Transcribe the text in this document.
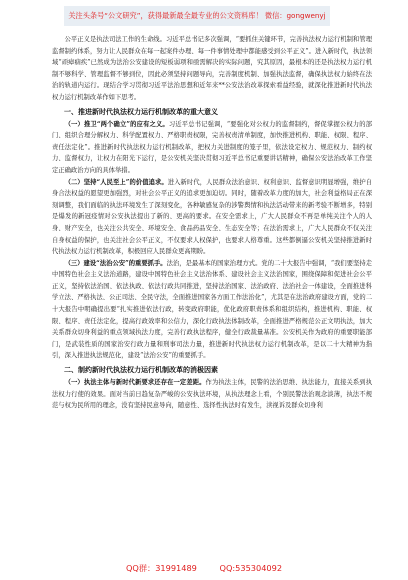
关注头条号“公文研究”，获得最新最全最专业的公文资料库！ 微信：gongwenyj

公平正义是执法司法工作的生命线。习近平总书记多次强调，“要抓住关键环节，完善执法权力运行机制和管理监督制约体系，努力让人民群众在每一起案件办理、每一件事情处理中都能感受到公平正义”。进入新时代，执法领域“顽瘴痼疾”已然成为法治公安建设的短板弱项和亟需解决的实际问题，究其原因，最根本的还是执法权力运行机制不够科学、管理监督不够到位，因此必须坚持问题导向，完善制度机制、加强执法监督，确保执法权力始终在法治的轨道内运行。现结合学习贯彻习近平法治思想和近年来**公安法治改革探索看益经验，就深化推进新时代执法权力运行机制改革作如下思考。

一、推进新时代执法权力运行机制改革的重大意义

（一）推卫“两个确立”的应有之义。习近平总书记强调，“要强化对公权力的监督制约，督促掌握公权力的部门、组织合理分解权力、科学配置权力、严格职责权限，完善权责清单制度，加快推进机构、职能、权限、程序、责任法定化”。推进新时代执法权力运行机制改革，把权力关进制度的笼子里，依法设定权力、规范权力、制约权力、监督权力，让权力在阳光下运行，是公安机关坚决贯彻习近平总书记重要讲话精神，确保公安法治改革工作坚定正确政治方向的具体举措。

（二）坚持“人民至上”的价值追求。进入新时代，人民群众法治意识、权利意识、监督意识明显增强，维护自身合法权益的愿望更加强烈，对社会公平正义的追求更加迫切。同时，随着改革力度的加大，社会利益格局正在深刻调整，我们面临的执法环境发生了深刻变化，各种敏感复杂的涉警舆情和执法活动带来的新考验不断增多，特别是爆发的新冠疫情对公安执法提出了新的、更高的要求。在安全需求上，广大人民群众不再是单纯关注个人的人身、财产安全，也关注公共安全、环境安全、食品药品安全、生态安全等；在法治需求上，广大人民群众不仅关注自身权益的保护，也关注社会公平正义，不仅要求人权保护，也要求人格尊重。这些都倒逼公安机关坚持推进新时代执法权力运行机制改革，积极回应人民群众更高期盼。

（三）建设“法治公安”的重要抓手。法治，是最基本的国家治理方式。党的二十大报告中强调，“我们要坚持走中国特色社会主义法治道路，建设中国特色社会主义法治体系、建设社会主义法治国家，围绕保障和促进社会公平正义，坚持依法治国、依法执政、依法行政共同推进，坚持法治国家、法治政府、法治社会一体建设，全面推进科学立法、严格执法、公正司法、全民守法，全面推进国家各方面工作法治化”，尤其是在法治政府建设方面，党的二十大报告中明确提出要“扎实推进依法行政，转变政府职能，优化政府职责体系和组织结构，推进机构、职能、权限、程序、责任法定化，提高行政效率和公信力，深化行政执法体制改革，全面推进严格规范公正文明执法，加大关系群众切身利益的重点领域执法力度，完善行政执法程序，健全行政裁量基准。公安机关作为政府的重要职能部门，是武装性质的国家治安行政力量和刑事司法力量，推进新时代执法权力运行机制改革，是以二十大精神为指引，深入推进执法规范化，建设“法治公安”的重要抓手。

二、制约新时代执法权力运行机制改革的消极因素

（一）执法主体与新时代新要求还存在一定差距。作为执法主体，民警的法治思维、执法能力，直接关系到执法权力行使的效果。面对当前日趋复杂严峻的公安执法环境，从执法理念上看，个别民警法治观念淡薄，执法不规范与权为民所用的理念，没有坚持民意导向，随意性、选择性执法时有发生，渎视诉及群众切身利

QQ群：31991489	QQ:535304092
